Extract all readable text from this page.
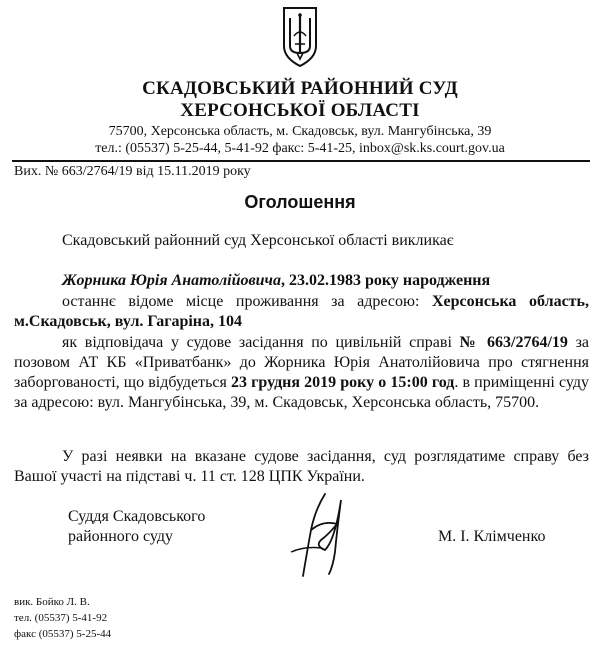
СКАДОВСЬКИЙ РАЙОННИЙ СУД
ХЕРСОНСЬКОЇ ОБЛАСТІ
75700, Херсонська область, м. Скадовськ, вул. Мангубінська, 39
тел.: (05537) 5-25-44, 5-41-92 факс: 5-41-25, inbox@sk.ks.court.gov.ua
Вих. № 663/2764/19 від 15.11.2019 року
Оголошення
Скадовський районний суд Херсонської області викликає
Жорника Юрія Анатолійовича, 23.02.1983 року народження

останнє відоме місце проживання за адресою: Херсонська область, м.Скадовськ, вул. Гагаріна, 104

як відповідача у судове засідання по цивільній справі № 663/2764/19 за позовом АТ КБ «Приватбанк» до Жорника Юрія Анатолійовича про стягнення заборгованості, що відбудеться 23 грудня 2019 року о 15:00 год. в приміщенні суду за адресою: вул. Мангубінська, 39, м. Скадовськ, Херсонська область, 75700.

У разі неявки на вказане судове засідання, суд розглядатиме справу без Вашої участі на підставі ч. 11 ст. 128 ЦПК України.

Суддя Скадовського
районного суду	М. І. Клімченко
вик. Бойко Л. В.
тел. (05537) 5-41-92
факс (05537) 5-25-44
